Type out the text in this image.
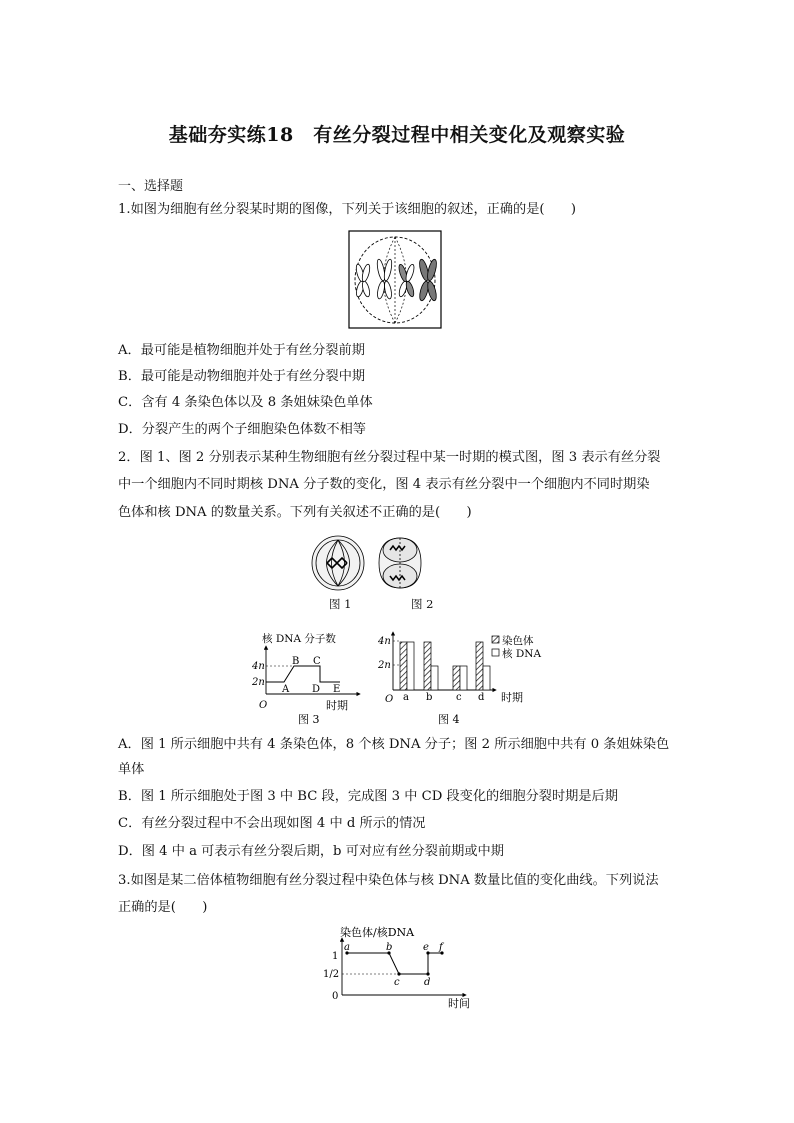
基础夯实练18　有丝分裂过程中相关变化及观察实验
一、选择题
1.如图为细胞有丝分裂某时期的图像，下列关于该细胞的叙述，正确的是(　　)
A．最可能是植物细胞并处于有丝分裂前期
B．最可能是动物细胞并处于有丝分裂中期
C．含有 4 条染色体以及 8 条姐妹染色单体
D．分裂产生的两个子细胞染色体数不相等
2．图 1、图 2 分别表示某种生物细胞有丝分裂过程中某一时期的模式图，图 3 表示有丝分裂
中一个细胞内不同时期核 DNA 分子数的变化，图 4 表示有丝分裂中一个细胞内不同时期染
色体和核 DNA 的数量关系。下列有关叙述不正确的是(　　)
图 1	图 2
核 DNA 分子数
4n
2n
O
A
B C
D E
时期
图 3
4n
2n
O a b c d 时期
染色体
核 DNA
图 4
A．图 1 所示细胞中共有 4 条染色体，8 个核 DNA 分子；图 2 所示细胞中共有 0 条姐妹染色
单体
B．图 1 所示细胞处于图 3 中 BC 段，完成图 3 中 CD 段变化的细胞分裂时期是后期
C．有丝分裂过程中不会出现如图 4 中 d 所示的情况
D．图 4 中 a 可表示有丝分裂后期，b 可对应有丝分裂前期或中期
3.如图是某二倍体植物细胞有丝分裂过程中染色体与核 DNA 数量比值的变化曲线。下列说法
正确的是(　　)
染色体/核DNA
1
1/2
0
a	b
c d
e f
时间
